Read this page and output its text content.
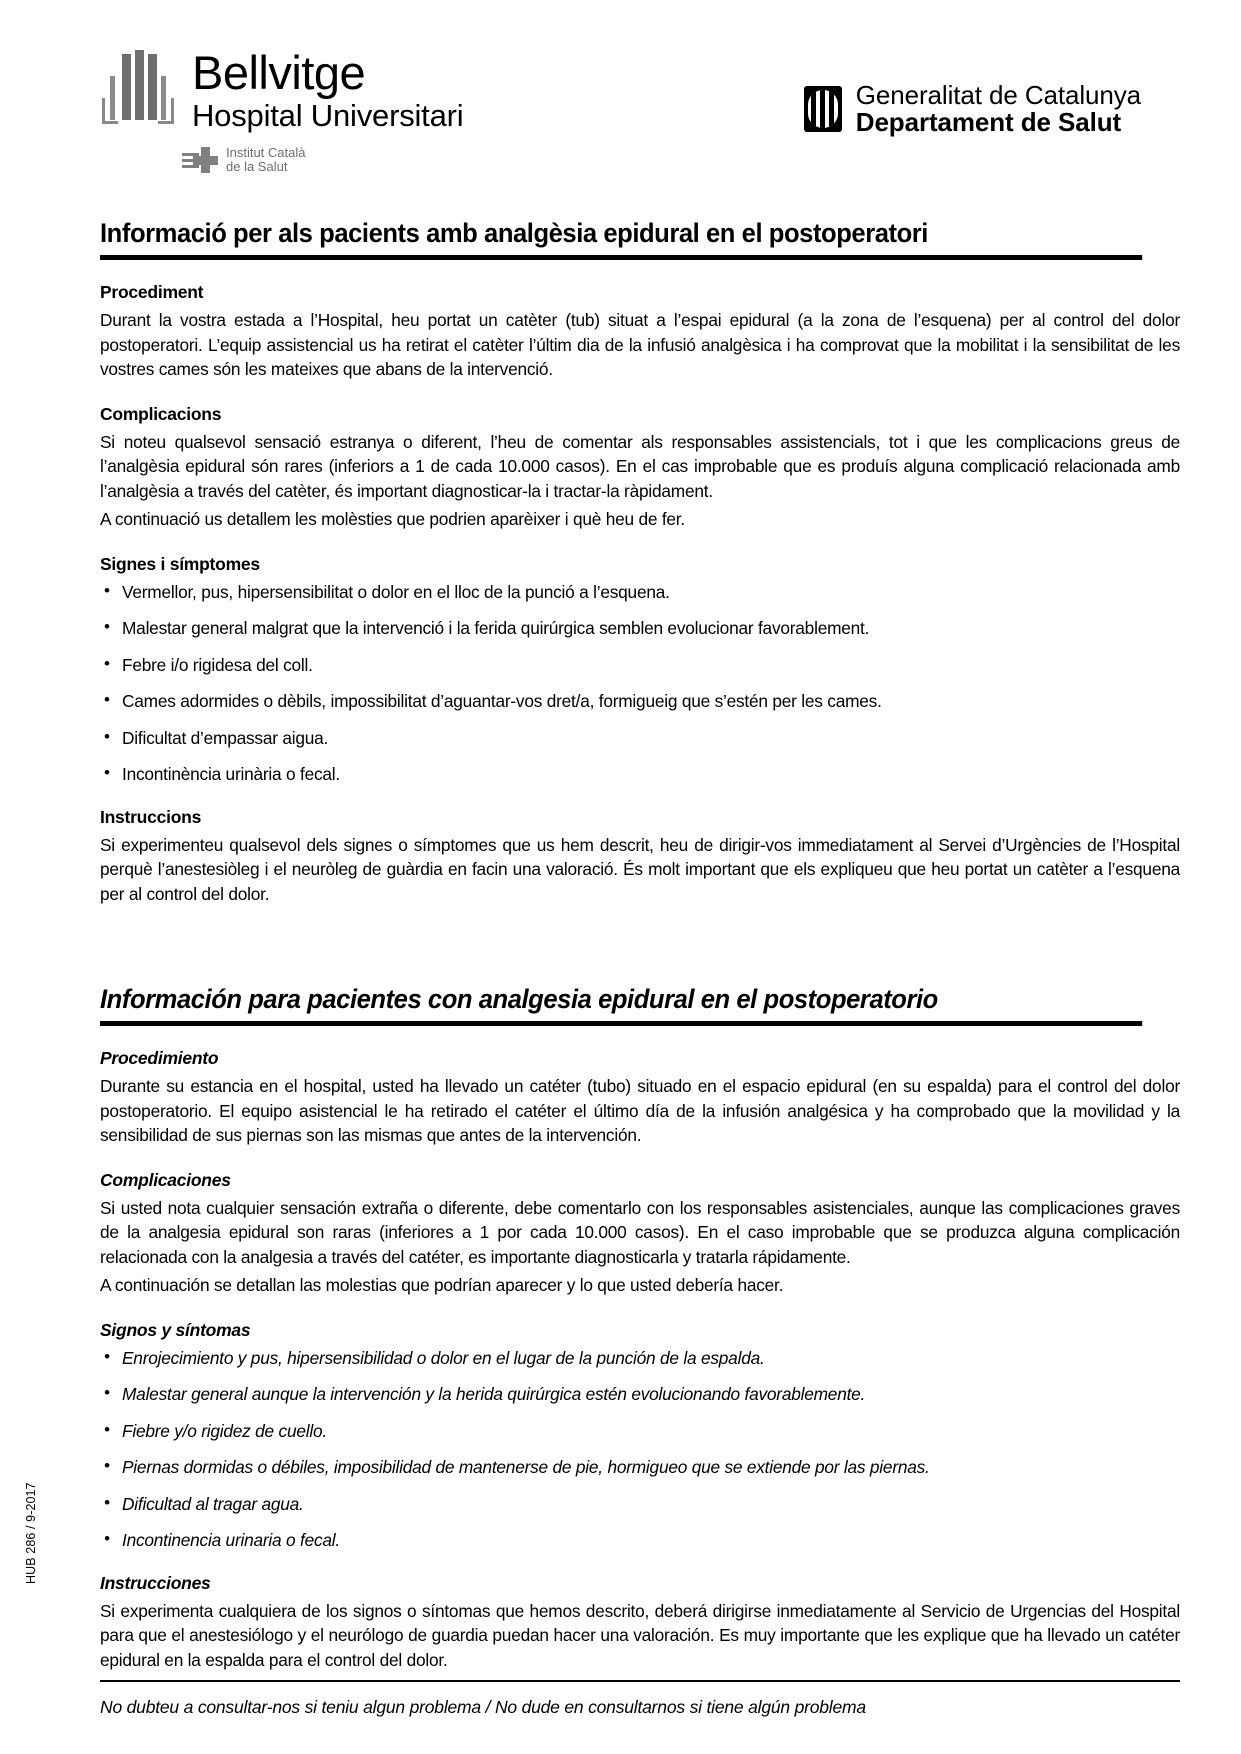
Bellvitge
Hospital Universitari
Institut Català
de la Salut
Generalitat de Catalunya
Departament de Salut
Informació per als pacients amb analgèsia epidural en el postoperatori
Procediment

Durant la vostra estada a l’Hospital, heu portat un catèter (tub) situat a l’espai epidural (a la zona de l’esquena) per al control del dolor postoperatori. L’equip assistencial us ha retirat el catèter l’últim dia de la infusió analgèsica i ha comprovat que la mobilitat i la sensibilitat de les vostres cames són les mateixes que abans de la intervenció.

Complicacions

Si noteu qualsevol sensació estranya o diferent, l’heu de comentar als responsables assistencials, tot i que les complicacions greus de l’analgèsia epidural són rares (inferiors a 1 de cada 10.000 casos). En el cas improbable que es produís alguna complicació relacionada amb l’analgèsia a través del catèter, és important diagnosticar-la i tractar-la ràpidament.

A continuació us detallem les molèsties que podrien aparèixer i què heu de fer.

Signes i símptomes
• Vermellor, pus, hipersensibilitat o dolor en el lloc de la punció a l’esquena.
• Malestar general malgrat que la intervenció i la ferida quirúrgica semblen evolucionar favorablement.
• Febre i/o rigidesa del coll.
• Cames adormides o dèbils, impossibilitat d’aguantar-vos dret/a, formigueig que s’estén per les cames.
• Dificultat d’empassar aigua.
• Incontinència urinària o fecal.
Instruccions

Si experimenteu qualsevol dels signes o símptomes que us hem descrit, heu de dirigir-vos immediatament al Servei d’Urgències de l’Hospital perquè l’anestesiòleg i el neuròleg de guàrdia en facin una valoració. És molt important que els expliqueu que heu portat un catèter a l’esquena per al control del dolor.

Información para pacientes con analgesia epidural en el postoperatorio
Procedimiento

Durante su estancia en el hospital, usted ha llevado un catéter (tubo) situado en el espacio epidural (en su espalda) para el control del dolor postoperatorio. El equipo asistencial le ha retirado el catéter el último día de la infusión analgésica y ha comprobado que la movilidad y la sensibilidad de sus piernas son las mismas que antes de la intervención.

Complicaciones

Si usted nota cualquier sensación extraña o diferente, debe comentarlo con los responsables asistenciales, aunque las complicaciones graves de la analgesia epidural son raras (inferiores a 1 por cada 10.000 casos). En el caso improbable que se produzca alguna complicación relacionada con la analgesia a través del catéter, es importante diagnosticarla y tratarla rápidamente.

A continuación se detallan las molestias que podrían aparecer y lo que usted debería hacer.

Signos y síntomas
• Enrojecimiento y pus, hipersensibilidad o dolor en el lugar de la punción de la espalda.
• Malestar general aunque la intervención y la herida quirúrgica estén evolucionando favorablemente.
• Fiebre y/o rigidez de cuello.
• Piernas dormidas o débiles, imposibilidad de mantenerse de pie, hormigueo que se extiende por las piernas.
• Dificultad al tragar agua.
• Incontinencia urinaria o fecal.
Instrucciones

Si experimenta cualquiera de los signos o síntomas que hemos descrito, deberá dirigirse inmediatamente al Servicio de Urgencias del Hospital para que el anestesiólogo y el neurólogo de guardia puedan hacer una valoración. Es muy importante que les explique que ha llevado un catéter epidural en la espalda para el control del dolor.

HUB 286 / 9-2017
No dubteu a consultar-nos si teniu algun problema / No dude en consultarnos si tiene algún problema
